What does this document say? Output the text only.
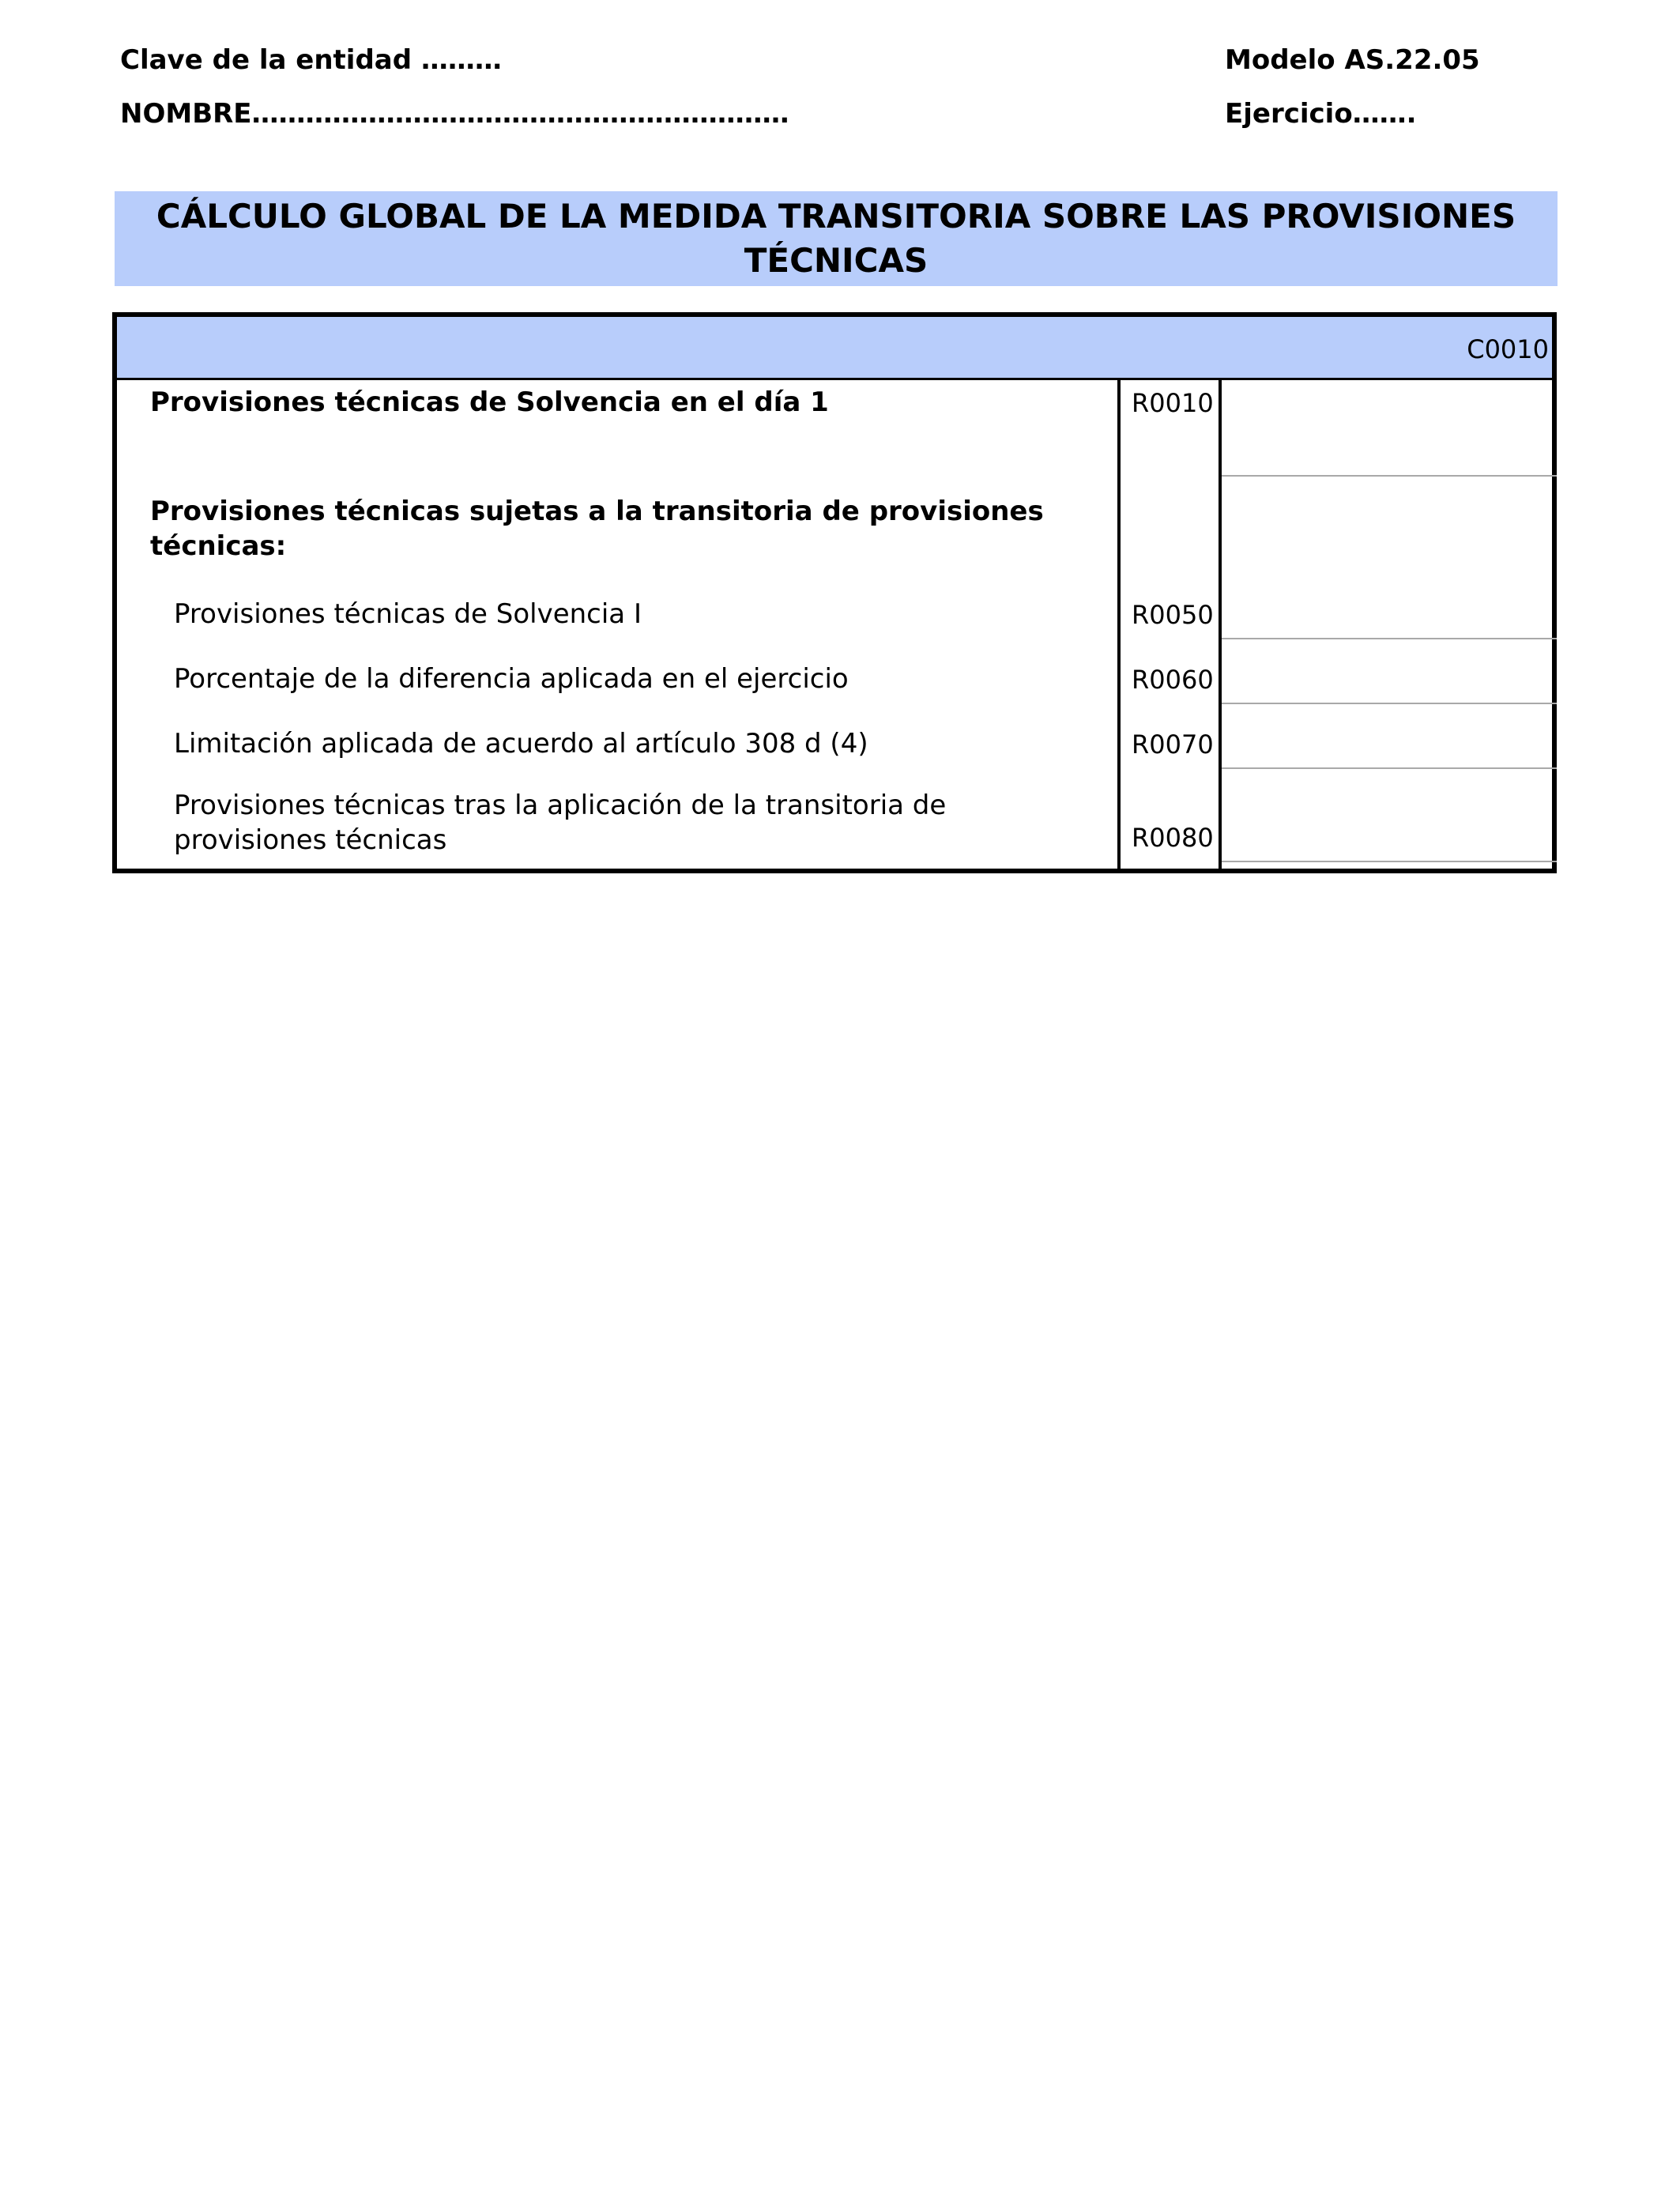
Clave de la entidad ………
NOMBRE……………………………………………………
Modelo AS.22.05
Ejercicio…….
CÁLCULO GLOBAL DE LA MEDIDA TRANSITORIA SOBRE LAS PROVISIONES
TÉCNICAS
C0010
Provisiones técnicas de Solvencia en el día 1	R0010
Provisiones técnicas sujetas a la transitoria de provisiones técnicas:
Provisiones técnicas de Solvencia I	R0050
Porcentaje de la diferencia aplicada en el ejercicio	R0060
Limitación aplicada de acuerdo al artículo 308 d (4)	R0070
Provisiones técnicas tras la aplicación de la transitoria de provisiones técnicas	R0080
